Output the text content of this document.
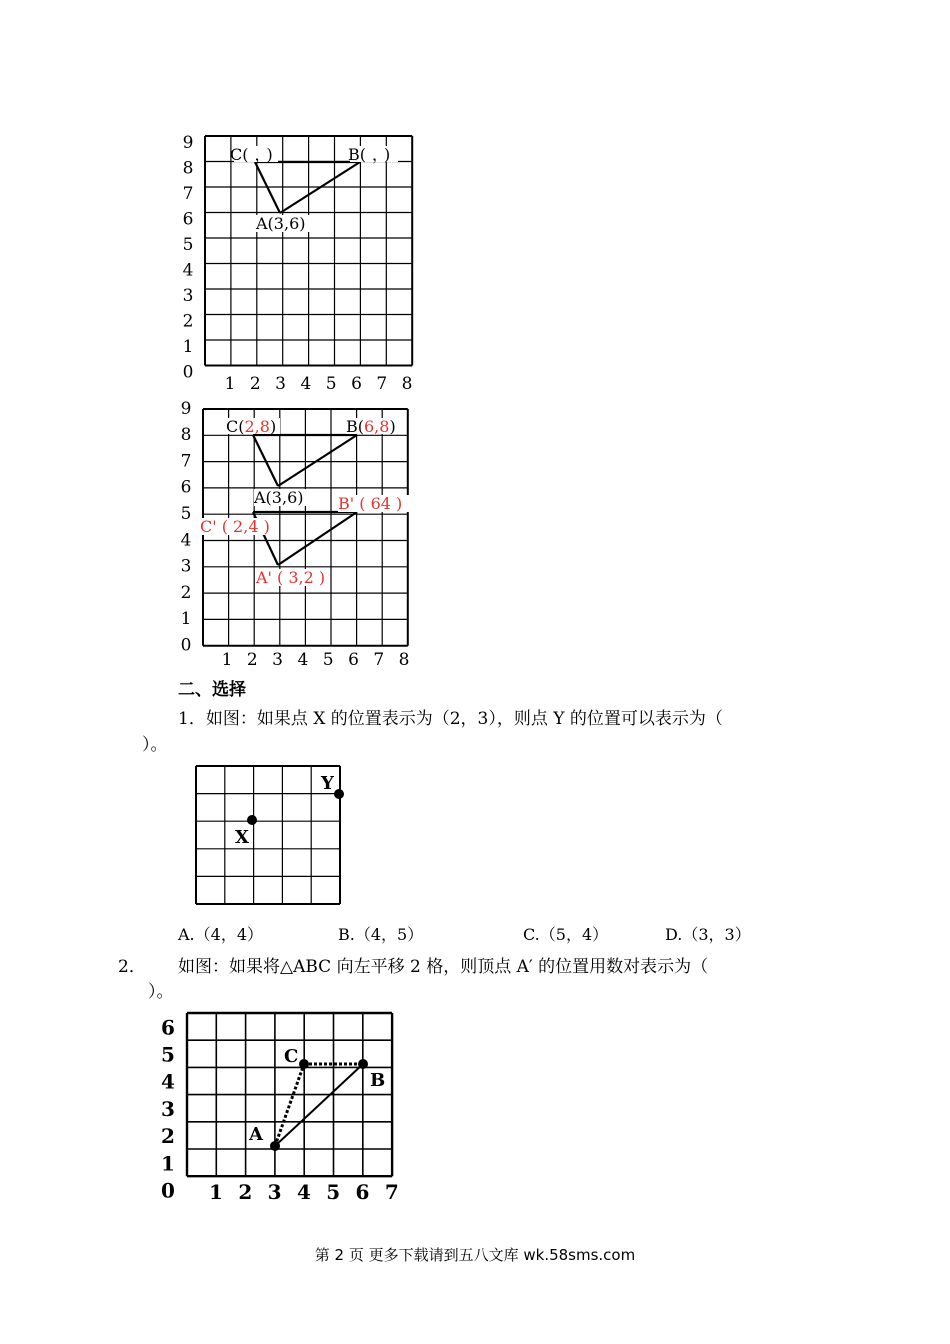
0
1
2
3
4
5
6
7
8
9
1 2 3 4 5 6 7 8
C( ， )	B( ， )
A(3,6)
0
1
2
3
4
5
6
7
8
9
1 2 3 4 5 6 7 8
C(2,8)	B(6,8)
A(3,6)
C' ( 2,4 )
B' ( 64 )
A' ( 3,2 )
X
Y
0
1
2
3
4
5
6
1 2 3 4 5 6 7
A
C
B
二、选择
1．如图：如果点 X 的位置表示为（2，3），则点 Y 的位置可以表示为（
）。
A.（4，4）	B.（4，5）	C.（5，4）	D.（3，3）
2． 如图：如果将△ABC 向左平移 2 格，则顶点 A′ 的位置用数对表示为（
）。
第 2 页 更多下载请到五八文库 wk.58sms.com
